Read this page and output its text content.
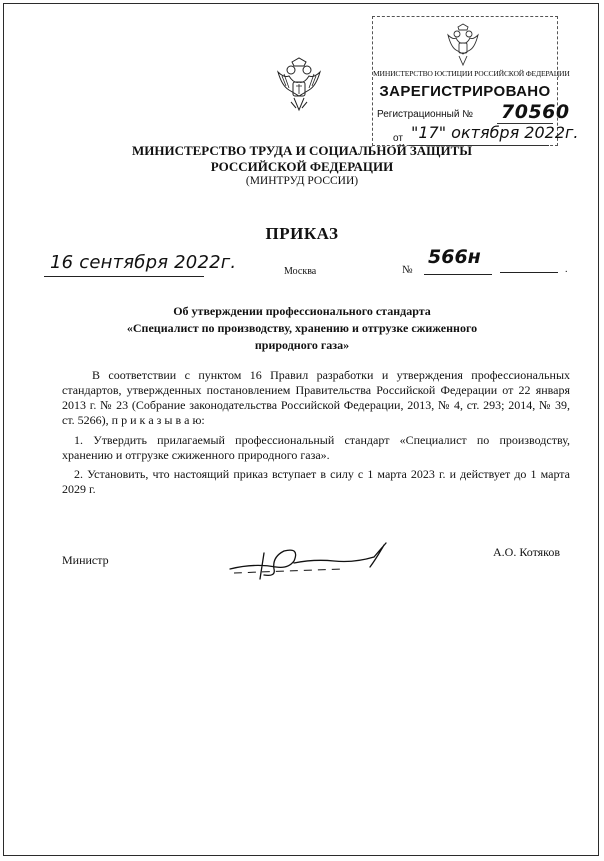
МИНИСТЕРСТВО ЮСТИЦИИ РОССИЙСКОЙ ФЕДЕРАЦИИ
ЗАРЕГИСТРИРОВАНО
Регистрационный № 70560
от "17" октября 2022г.
МИНИСТЕРСТВО ТРУДА И СОЦИАЛЬНОЙ ЗАЩИТЫ
РОССИЙСКОЙ ФЕДЕРАЦИИ
(МИНТРУД РОССИИ)
ПРИКАЗ
16 сентября 2022г.	Москва	№
566н
.
Об утверждении профессионального стандарта
«Специалист по производству, хранению и отгрузке сжиженного
природного газа»
В соответствии с пунктом 16 Правил разработки и утверждения профессиональных стандартов, утвержденных постановлением Правительства Российской Федерации от 22 января 2013 г. № 23 (Собрание законодательства Российской Федерации, 2013, № 4, ст. 293; 2014, № 39, ст. 5266), п р и к а з ы в а ю:
1. Утвердить прилагаемый профессиональный стандарт «Специалист по производству, хранению и отгрузке сжиженного природного газа».
2. Установить, что настоящий приказ вступает в силу с 1 марта 2023 г. и действует до 1 марта 2029 г.
Министр
А.О. Котяков
